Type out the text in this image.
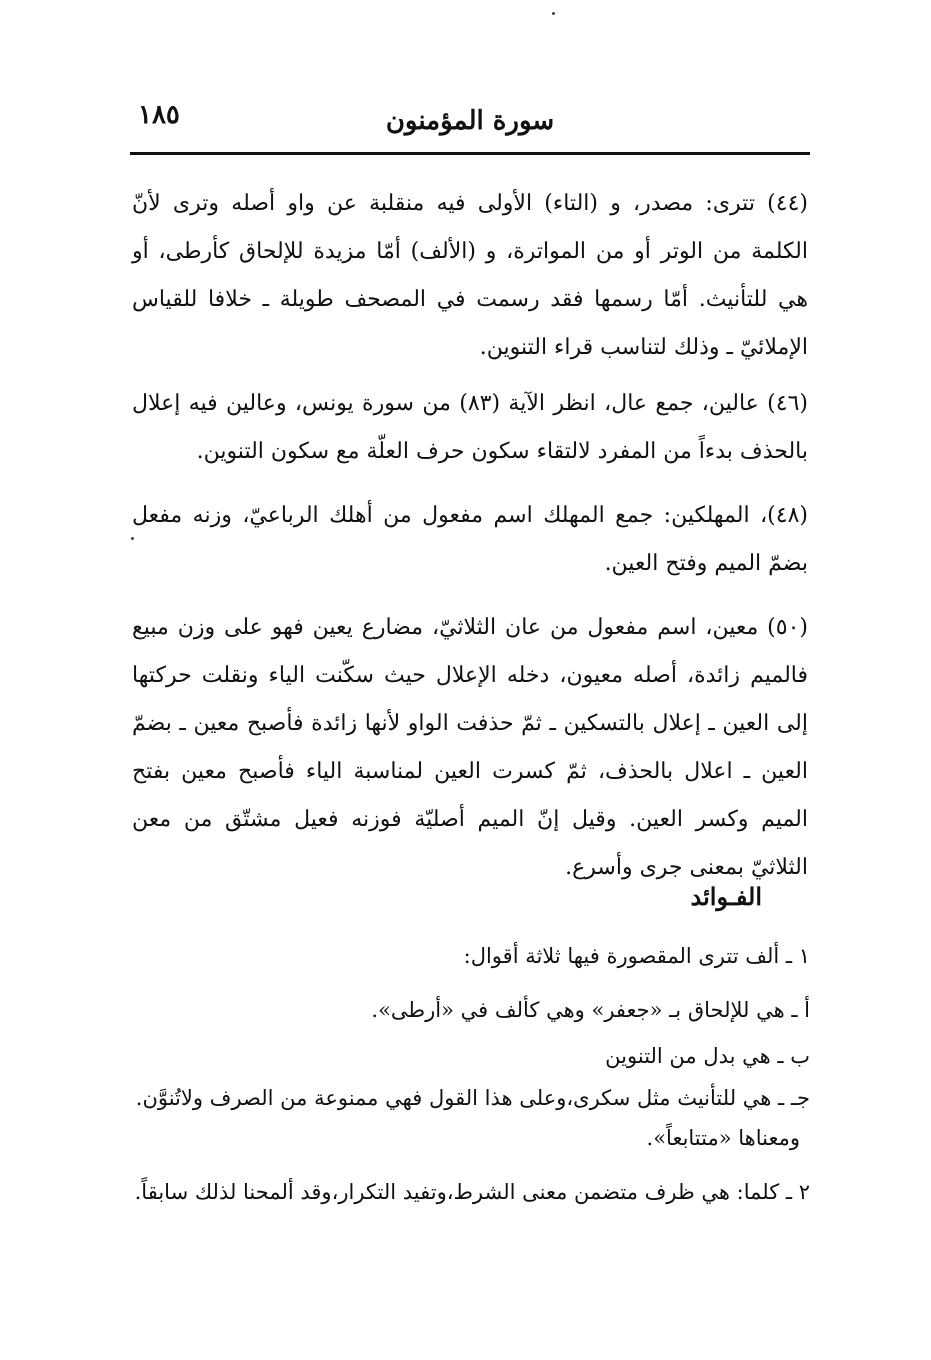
١٨٥	سورة المؤمنون
(٤٤) تترى: مصدر، و (التاء) الأولى فيه منقلبة عن واو أصله وترى لأنّ الكلمة من الوتر أو من المواترة، و (الألف) أمّا مزيدة للإلحاق كأرطى، أو هي للتأنيث. أمّا رسمها فقد رسمت في المصحف طويلة ـ خلافا للقياس الإملائيّ ـ وذلك لتناسب قراء التنوين.
(٤٦) عالين، جمع عال، انظر الآية (٨٣) من سورة يونس، وعالين فيه إعلال بالحذف بدءاً من المفرد لالتقاء سكون حرف العلّة مع سكون التنوين.
(٤٨)، المهلكين: جمع المهلك اسم مفعول من أهلك الرباعيّ، وزنه مفعل بضمّ الميم وفتح العين.
(٥٠) معين، اسم مفعول من عان الثلاثيّ، مضارع يعين فهو على وزن مبيع فالميم زائدة، أصله معيون، دخله الإعلال حيث سكّنت الياء ونقلت حركتها إلى العين ـ إعلال بالتسكين ـ ثمّ حذفت الواو لأنها زائدة فأصبح معين ـ بضمّ العين ـ اعلال بالحذف، ثمّ كسرت العين لمناسبة الياء فأصبح معين بفتح الميم وكسر العين. وقيل إنّ الميم أصليّة فوزنه فعيل مشتّق من معن الثلاثيّ بمعنى جرى وأسرع.
الفـوائد
١ ـ ألف تترى المقصورة فيها ثلاثة أقوال:
أ ـ هي للإلحاق بـ «جعفر» وهي كألف في «أرطى».
ب ـ هي بدل من التنوين
جـ ـ هي للتأنيث مثل سكرى،وعلى هذا القول فهي ممنوعة من الصرف ولاتُنوَّن.
ومعناها «متتابعاً».
٢ ـ كلما: هي ظرف متضمن معنى الشرط،وتفيد التكرار،وقد ألمحنا لذلك سابقاً.
